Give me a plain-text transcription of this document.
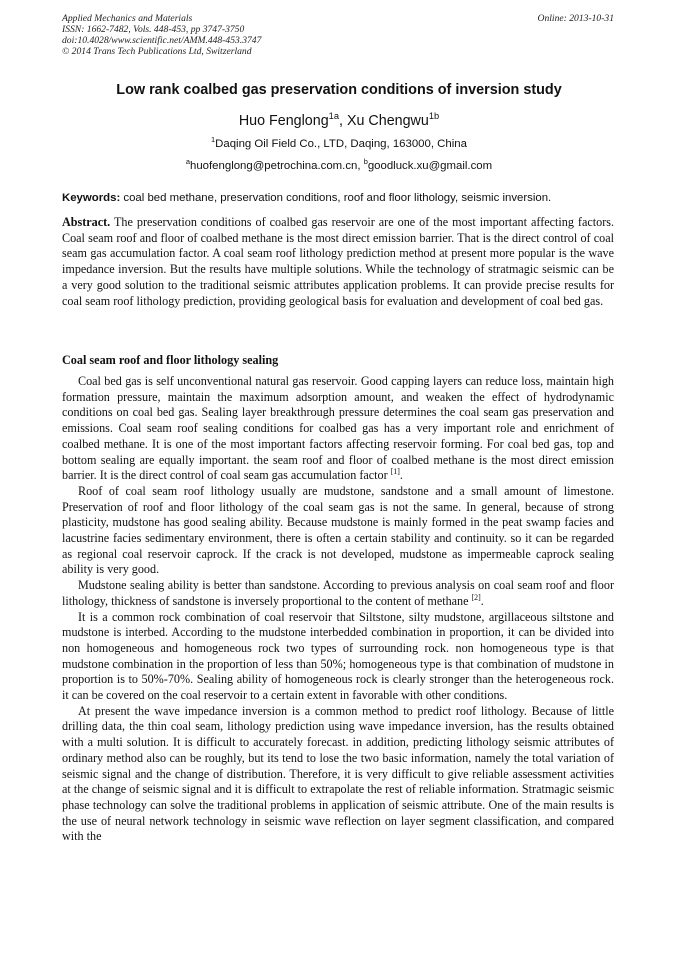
Applied Mechanics and Materials
ISSN: 1662-7482, Vols. 448-453, pp 3747-3750
doi:10.4028/www.scientific.net/AMM.448-453.3747
© 2014 Trans Tech Publications Ltd, Switzerland
Online: 2013-10-31
Low rank coalbed gas preservation conditions of inversion study
Huo Fenglong$^{1a}$, Xu Chengwu$^{1b}$
$^1$Daqing Oil Field Co., LTD, Daqing, 163000, China
$^a$huofenglong@petrochina.com.cn, $^b$goodluck.xu@gmail.com
Keywords: coal bed methane, preservation conditions, roof and floor lithology, seismic inversion.
Abstract. The preservation conditions of coalbed gas reservoir are one of the most important affecting factors. Coal seam roof and floor of coalbed methane is the most direct emission barrier. That is the direct control of coal seam gas accumulation factor. A coal seam roof lithology prediction method at present more popular is the wave impedance inversion. But the results have multiple solutions. While the technology of stratmagic seismic can be a very good solution to the traditional seismic attributes application problems. It can provide precise results for coal seam roof lithology prediction, providing geological basis for evaluation and development of coal bed gas.
Coal seam roof and floor lithology sealing

Coal bed gas is self unconventional natural gas reservoir. Good capping layers can reduce loss, maintain high formation pressure, maintain the maximum adsorption amount, and weaken the effect of hydrodynamic conditions on coal bed gas. Sealing layer breakthrough pressure determines the coal seam gas preservation and emissions. Coal seam roof sealing conditions for coalbed gas has a very important role and enrichment of coalbed methane. It is one of the most important factors affecting reservoir forming. For coal bed gas, top and bottom sealing are equally important. the seam roof and floor of coalbed methane is the most direct emission barrier. It is the direct control of coal seam gas accumulation factor [1].

Roof of coal seam roof lithology usually are mudstone, sandstone and a small amount of limestone. Preservation of roof and floor lithology of the coal seam gas is not the same. In general, because of strong plasticity, mudstone has good sealing ability. Because mudstone is mainly formed in the peat swamp facies and lacustrine facies sedimentary environment, there is often a certain stability and continuity. so it can be regarded as regional coal reservoir caprock. If the crack is not developed, mudstone as impermeable caprock sealing ability is very good.

Mudstone sealing ability is better than sandstone. According to previous analysis on coal seam roof and floor lithology, thickness of sandstone is inversely proportional to the content of methane [2].

It is a common rock combination of coal reservoir that Siltstone, silty mudstone, argillaceous siltstone and mudstone is interbed. According to the mudstone interbedded combination in proportion, it can be divided into non homogeneous and homogeneous rock two types of surrounding rock. non homogeneous type is that mudstone combination in the proportion of less than 50%; homogeneous type is that combination of mudstone in proportion is to 50%-70%. Sealing ability of homogeneous rock is clearly stronger than the heterogeneous rock. it can be covered on the coal reservoir to a certain extent in favorable with other conditions.

At present the wave impedance inversion is a common method to predict roof lithology. Because of little drilling data, the thin coal seam, lithology prediction using wave impedance inversion, has the results obtained with a multi solution. It is difficult to accurately forecast. in addition, predicting lithology seismic attributes of ordinary method also can be roughly, but its tend to lose the two basic information, namely the total variation of seismic signal and the change of distribution. Therefore, it is very difficult to give reliable assessment activities at the change of seismic signal and it is difficult to extrapolate the rest of reliable information. Stratmagic seismic phase technology can solve the traditional problems in application of seismic attribute. One of the main results is the use of neural network technology in seismic wave reflection on layer segment classification, and compared with the
